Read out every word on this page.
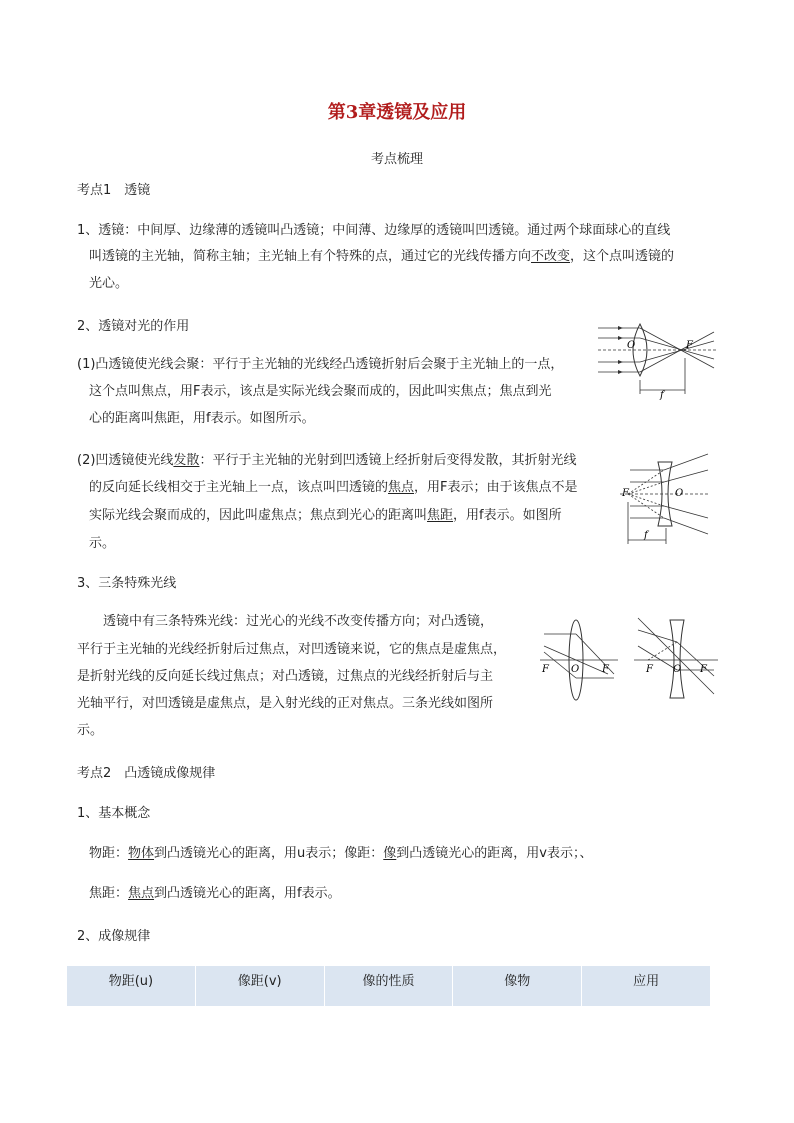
第3章透镜及应用
考点梳理
考点1　透镜
1、透镜：中间厚、边缘薄的透镜叫凸透镜；中间薄、边缘厚的透镜叫凹透镜。通过两个球面球心的直线
叫透镜的主光轴，简称主轴；主光轴上有个特殊的点，通过它的光线传播方向不改变，这个点叫透镜的
光心。
2、透镜对光的作用
(1)凸透镜使光线会聚：平行于主光轴的光线经凸透镜折射后会聚于主光轴上的一点，
这个点叫焦点，用F表示，该点是实际光线会聚而成的，因此叫实焦点；焦点到光
心的距离叫焦距，用f表示。如图所示。
O	F
f
(2)凹透镜使光线发散：平行于主光轴的光射到凹透镜上经折射后变得发散，其折射光线
的反向延长线相交于主光轴上一点，该点叫凹透镜的焦点，用F表示；由于该焦点不是
实际光线会聚而成的，因此叫虚焦点；焦点到光心的距离叫焦距，用f表示。如图所
示。
F	O
f
3、三条特殊光线
透镜中有三条特殊光线：过光心的光线不改变传播方向；对凸透镜，
平行于主光轴的光线经折射后过焦点，对凹透镜来说，它的焦点是虚焦点，
是折射光线的反向延长线过焦点；对凸透镜，过焦点的光线经折射后与主
光轴平行，对凹透镜是虚焦点，是入射光线的正对焦点。三条光线如图所
示。
F O F	F O F
考点2　凸透镜成像规律
1、基本概念
物距：物体到凸透镜光心的距离，用u表示；像距：像到凸透镜光心的距离，用v表示；、
焦距：焦点到凸透镜光心的距离，用f表示。
2、成像规律
物距(u)	像距(v)	像的性质	像物	应用
